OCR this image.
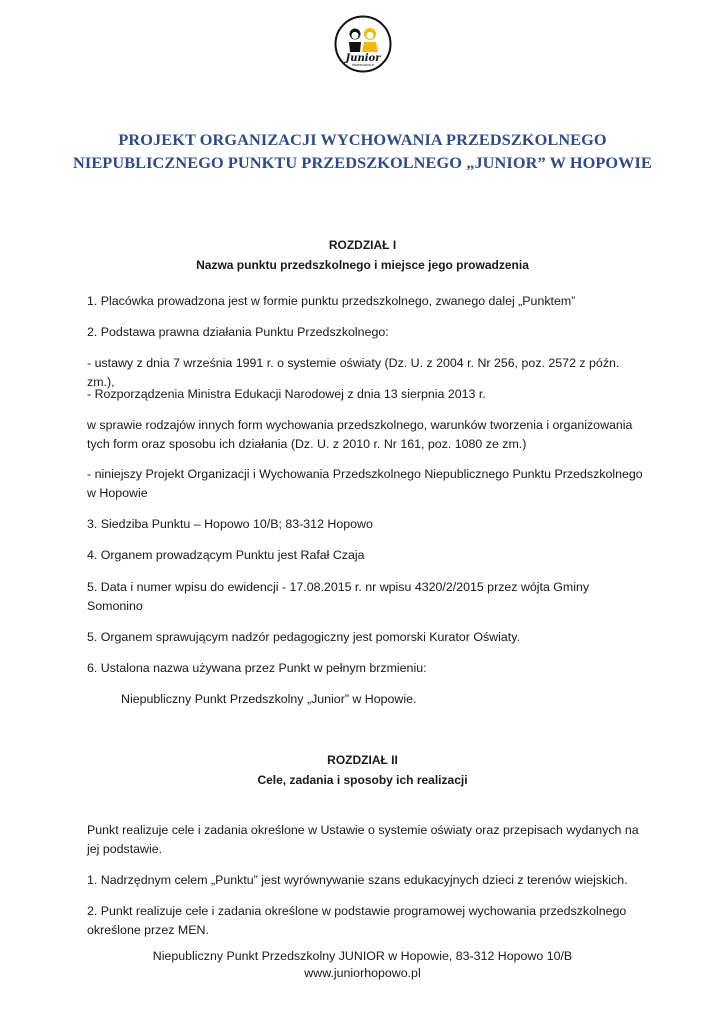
Junior
PRZEDSZKOLE
PROJEKT ORGANIZACJI WYCHOWANIA PRZEDSZKOLNEGO
NIEPUBLICZNEGO PUNKTU PRZEDSZKOLNEGO „JUNIOR” W HOPOWIE
ROZDZIAŁ I
Nazwa punktu przedszkolnego i miejsce jego prowadzenia
1. Placówka prowadzona jest w formie punktu przedszkolnego, zwanego dalej „Punktem”
2. Podstawa prawna działania Punktu Przedszkolnego:
- ustawy z dnia 7 września 1991 r. o systemie oświaty (Dz. U. z 2004 r. Nr 256, poz. 2572 z późn. zm.),
- Rozporządzenia Ministra Edukacji Narodowej z dnia 13 sierpnia 2013 r.
w sprawie rodzajów innych form wychowania przedszkolnego, warunków tworzenia i organizowania tych form oraz sposobu ich działania (Dz. U. z 2010 r. Nr 161, poz. 1080 ze zm.)
- niniejszy Projekt Organizacji i Wychowania Przedszkolnego Niepublicznego Punktu Przedszkolnego w Hopowie
3. Siedziba Punktu – Hopowo 10/B; 83-312 Hopowo
4. Organem prowadzącym Punktu jest Rafał Czaja
5. Data i numer wpisu do ewidencji - 17.08.2015 r. nr wpisu 4320/2/2015 przez wójta Gminy Somonino
5. Organem sprawującym nadzór pedagogiczny jest pomorski Kurator Oświaty.
6. Ustalona nazwa używana przez Punkt w pełnym brzmieniu:
Niepubliczny Punkt Przedszkolny „Junior” w Hopowie.
ROZDZIAŁ II
Cele, zadania i sposoby ich realizacji
Punkt realizuje cele i zadania określone w Ustawie o systemie oświaty oraz przepisach wydanych na jej podstawie.
1. Nadrzędnym celem „Punktu” jest wyrównywanie szans edukacyjnych dzieci z terenów wiejskich.
2. Punkt realizuje cele i zadania określone w podstawie programowej wychowania przedszkolnego określone przez MEN.
Niepubliczny Punkt Przedszkolny JUNIOR w Hopowie, 83-312 Hopowo 10/B
www.juniorhopowo.pl
